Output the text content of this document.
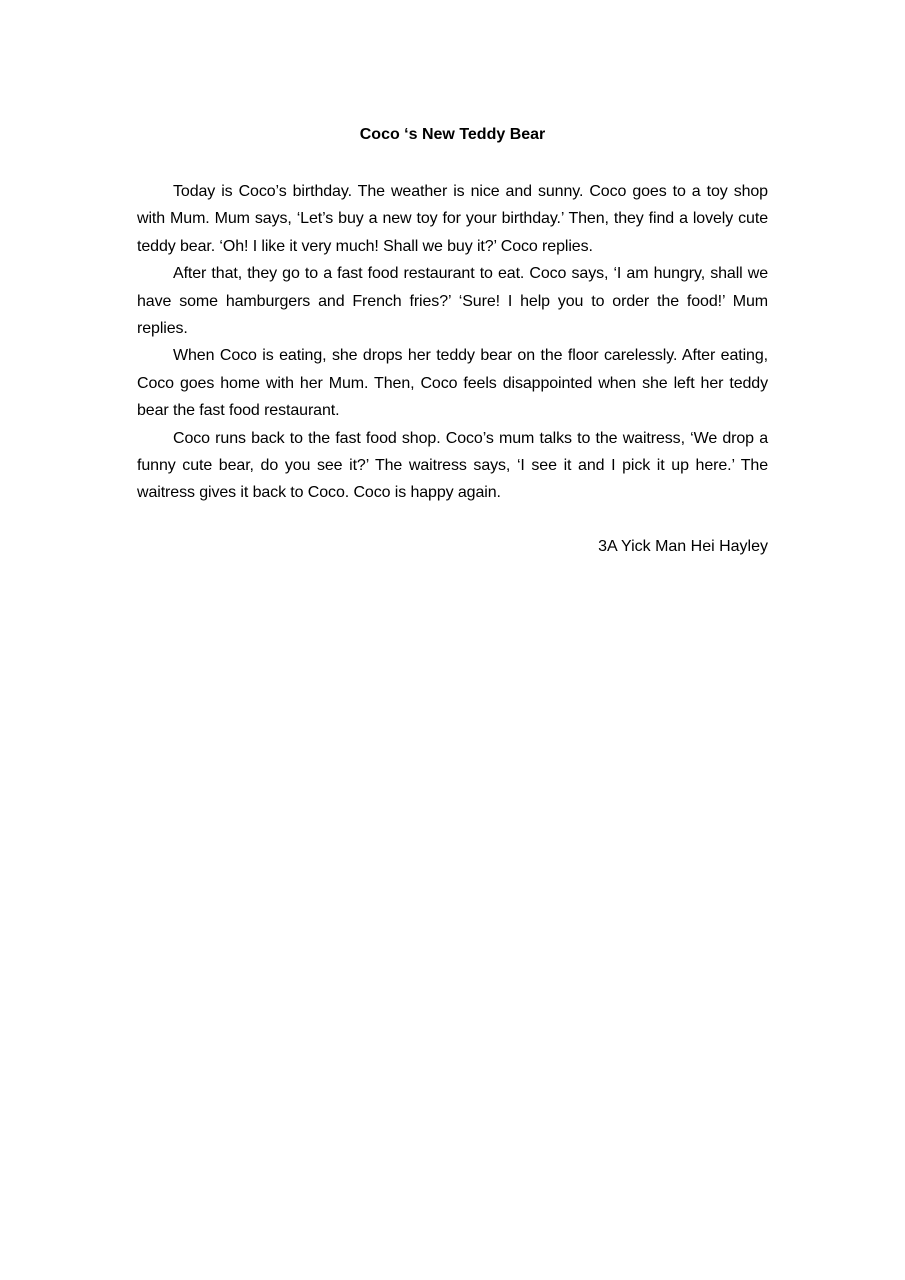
Coco ‘s New Teddy Bear

Today is Coco’s birthday. The weather is nice and sunny. Coco goes to a toy shop with Mum. Mum says, ‘Let’s buy a new toy for your birthday.’ Then, they find a lovely cute teddy bear. ‘Oh! I like it very much! Shall we buy it?’ Coco replies.

After that, they go to a fast food restaurant to eat. Coco says, ‘I am hungry, shall we have some hamburgers and French fries?’ ‘Sure! I help you to order the food!’ Mum replies.

When Coco is eating, she drops her teddy bear on the floor carelessly. After eating, Coco goes home with her Mum. Then, Coco feels disappointed when she left her teddy bear the fast food restaurant.

Coco runs back to the fast food shop. Coco’s mum talks to the waitress, ‘We drop a funny cute bear, do you see it?’ The waitress says, ‘I see it and I pick it up here.’ The waitress gives it back to Coco. Coco is happy again.

3A Yick Man Hei Hayley
